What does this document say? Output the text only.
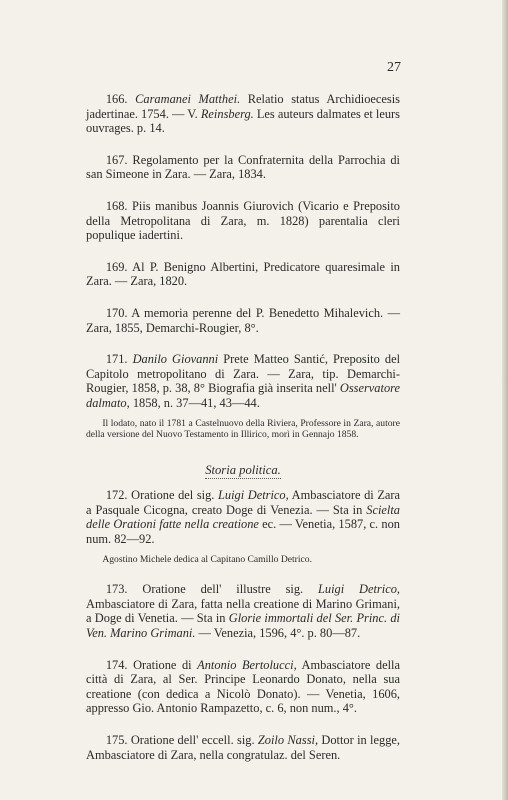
27

166. Caramanei Matthei. Relatio status Archidioecesis jadertinae. 1754. — V. Reinsberg. Les auteurs dalmates et leurs ouvrages. p. 14.

167. Regolamento per la Confraternita della Parrochia di san Simeone in Zara. — Zara, 1834.

168. Piis manibus Joannis Giurovich (Vicario e Preposito della Metropolitana di Zara, m. 1828) parentalia cleri populique iadertini.

169. Al P. Benigno Albertini, Predicatore quaresimale in Zara. — Zara, 1820.

170. A memoria perenne del P. Benedetto Mihalevich. — Zara, 1855, Demarchi-Rougier, 8°.

171. Danilo Giovanni Prete Matteo Santić, Preposito del Capitolo metropolitano di Zara. — Zara, tip. Demarchi-Rougier, 1858, p. 38, 8° Biografia già inserita nell' Osservatore dalmato, 1858, n. 37—41, 43—44.

Il lodato, nato il 1781 a Castelnuovo della Riviera, Professore in Zara, autore della versione del Nuovo Testamento in Illirico, morì in Gennajo 1858.

Storia politica.

172. Oratione del sig. Luigi Detrico, Ambasciatore di Zara a Pasquale Cicogna, creato Doge di Venezia. — Sta in Scielta delle Orationi fatte nella creatione ec. — Venetia, 1587, c. non num. 82—92.

Agostino Michele dedica al Capitano Camillo Detrico.

173. Oratione dell' illustre sig. Luigi Detrico, Ambasciatore di Zara, fatta nella creatione di Marino Grimani, a Doge di Venetia. — Sta in Glorie immortali del Ser. Princ. di Ven. Marino Grimani. — Venezia, 1596, 4°. p. 80—87.

174. Oratione di Antonio Bertolucci, Ambasciatore della città di Zara, al Ser. Principe Leonardo Donato, nella sua creatione (con dedica a Nicolò Donato). — Venetia, 1606, appresso Gio. Antonio Rampazetto, c. 6, non num., 4°.

175. Oratione dell' eccell. sig. Zoilo Nassi, Dottor in legge, Ambasciatore di Zara, nella congratulaz. del Seren.
